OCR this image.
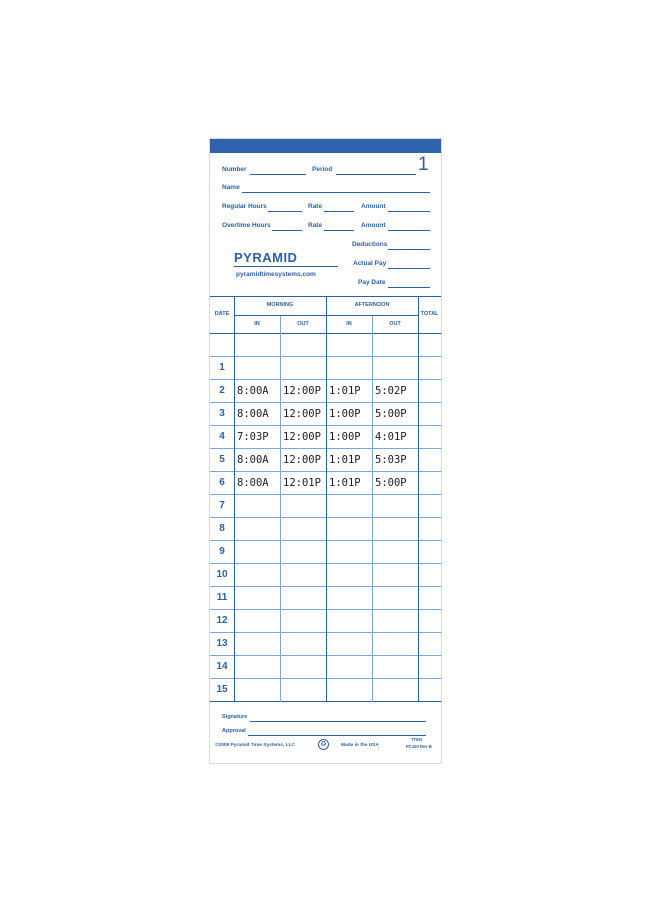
Number	Period	1
Name
Regular Hours	Rate	Amount
Overtime Hours	Rate	Amount
Deductions
Actual Pay
Pay Date
PYRAMID
pyramidtimesystems.com
DATE
MORNING	AFTERNOON
TOTAL
IN	OUT	IN	OUT
1
2	8:00A 12:00P 1:01P 5:02P
3	8:00A 12:00P 1:00P 5:00P
4	7:03P 12:00P 1:00P 4:01P
5	8:00A 12:00P 1:01P 5:03P
6	8:00A 12:01P 1:01P 5:00P
7
8
9
10
11
12
13
14
15
Signature
Approval
©2009 Pyramid Time Systems, LLC	♻	Made in the USA
TTEN
PC420 Rev B
